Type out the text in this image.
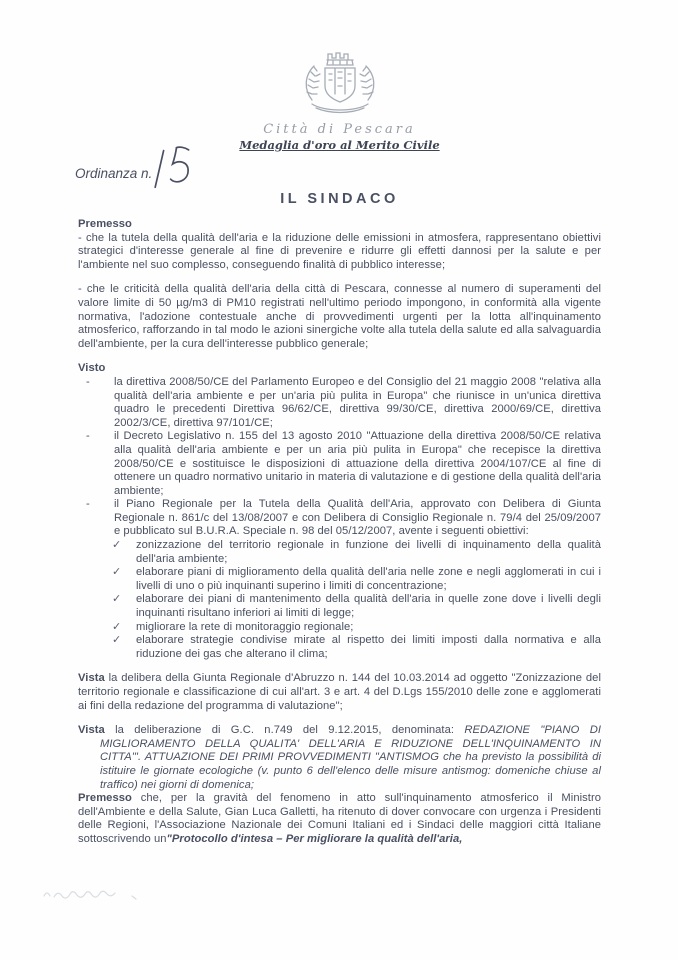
Città di Pescara
Medaglia d'oro al Merito Civile
Ordinanza n.
IL SINDACO
Premesso

- che la tutela della qualità dell'aria e la riduzione delle emissioni in atmosfera, rappresentano obiettivi strategici d'interesse generale al fine di prevenire e ridurre gli effetti dannosi per la salute e per l'ambiente nel suo complesso, conseguendo finalità di pubblico interesse;

- che le criticità della qualità dell'aria della città di Pescara, connesse al numero di superamenti del valore limite di 50 µg/m3 di PM10 registrati nell'ultimo periodo impongono, in conformità alla vigente normativa, l'adozione contestuale anche di provvedimenti urgenti per la lotta all'inquinamento atmosferico, rafforzando in tal modo le azioni sinergiche volte alla tutela della salute ed alla salvaguardia dell'ambiente, per la cura dell'interesse pubblico generale;

Visto
-	la direttiva 2008/50/CE del Parlamento Europeo e del Consiglio del 21 maggio 2008 "relativa alla qualità dell'aria ambiente e per un'aria più pulita in Europa" che riunisce in un'unica direttiva quadro le precedenti Direttiva 96/62/CE, direttiva 99/30/CE, direttiva 2000/69/CE, direttiva 2002/3/CE, direttiva 97/101/CE;
-	il Decreto Legislativo n. 155 del 13 agosto 2010 "Attuazione della direttiva 2008/50/CE relativa alla qualità dell'aria ambiente e per un aria più pulita in Europa" che recepisce la direttiva 2008/50/CE e sostituisce le disposizioni di attuazione della direttiva 2004/107/CE al fine di ottenere un quadro normativo unitario in materia di valutazione e di gestione della qualità dell'aria ambiente;
-	il Piano Regionale per la Tutela della Qualità dell'Aria, approvato con Delibera di Giunta Regionale n. 861/c del 13/08/2007 e con Delibera di Consiglio Regionale n. 79/4 del 25/09/2007 e pubblicato sul B.U.R.A. Speciale n. 98 del 05/12/2007, avente i seguenti obiettivi:
✓	zonizzazione del territorio regionale in funzione dei livelli di inquinamento della qualità dell'aria ambiente;
✓	elaborare piani di miglioramento della qualità dell'aria nelle zone e negli agglomerati in cui i livelli di uno o più inquinanti superino i limiti di concentrazione;
✓	elaborare dei piani di mantenimento della qualità dell'aria in quelle zone dove i livelli degli inquinanti risultano inferiori ai limiti di legge;
✓	migliorare la rete di monitoraggio regionale;
✓	elaborare strategie condivise mirate al rispetto dei limiti imposti dalla normativa e alla riduzione dei gas che alterano il clima;

Vista la delibera della Giunta Regionale d'Abruzzo n. 144 del 10.03.2014 ad oggetto "Zonizzazione del territorio regionale e classificazione di cui all'art. 3 e art. 4 del D.Lgs 155/2010 delle zone e agglomerati ai fini della redazione del programma di valutazione";

Vista la deliberazione di G.C. n.749 del 9.12.2015, denominata: REDAZIONE "PIANO DI MIGLIORAMENTO DELLA QUALITA' DELL'ARIA E RIDUZIONE DELL'INQUINAMENTO IN CITTA'". ATTUAZIONE DEI PRIMI PROVVEDIMENTI "ANTISMOG che ha previsto la possibilità di istituire le giornate ecologiche (v. punto 6 dell'elenco delle misure antismog: domeniche chiuse al traffico) nei giorni di domenica;

Premesso che, per la gravità del fenomeno in atto sull'inquinamento atmosferico il Ministro dell'Ambiente e della Salute, Gian Luca Galletti, ha ritenuto di dover convocare con urgenza i Presidenti delle Regioni, l'Associazione Nazionale dei Comuni Italiani ed i Sindaci delle maggiori città Italiane sottoscrivendo un"Protocollo d'intesa – Per migliorare la qualità dell'aria,
